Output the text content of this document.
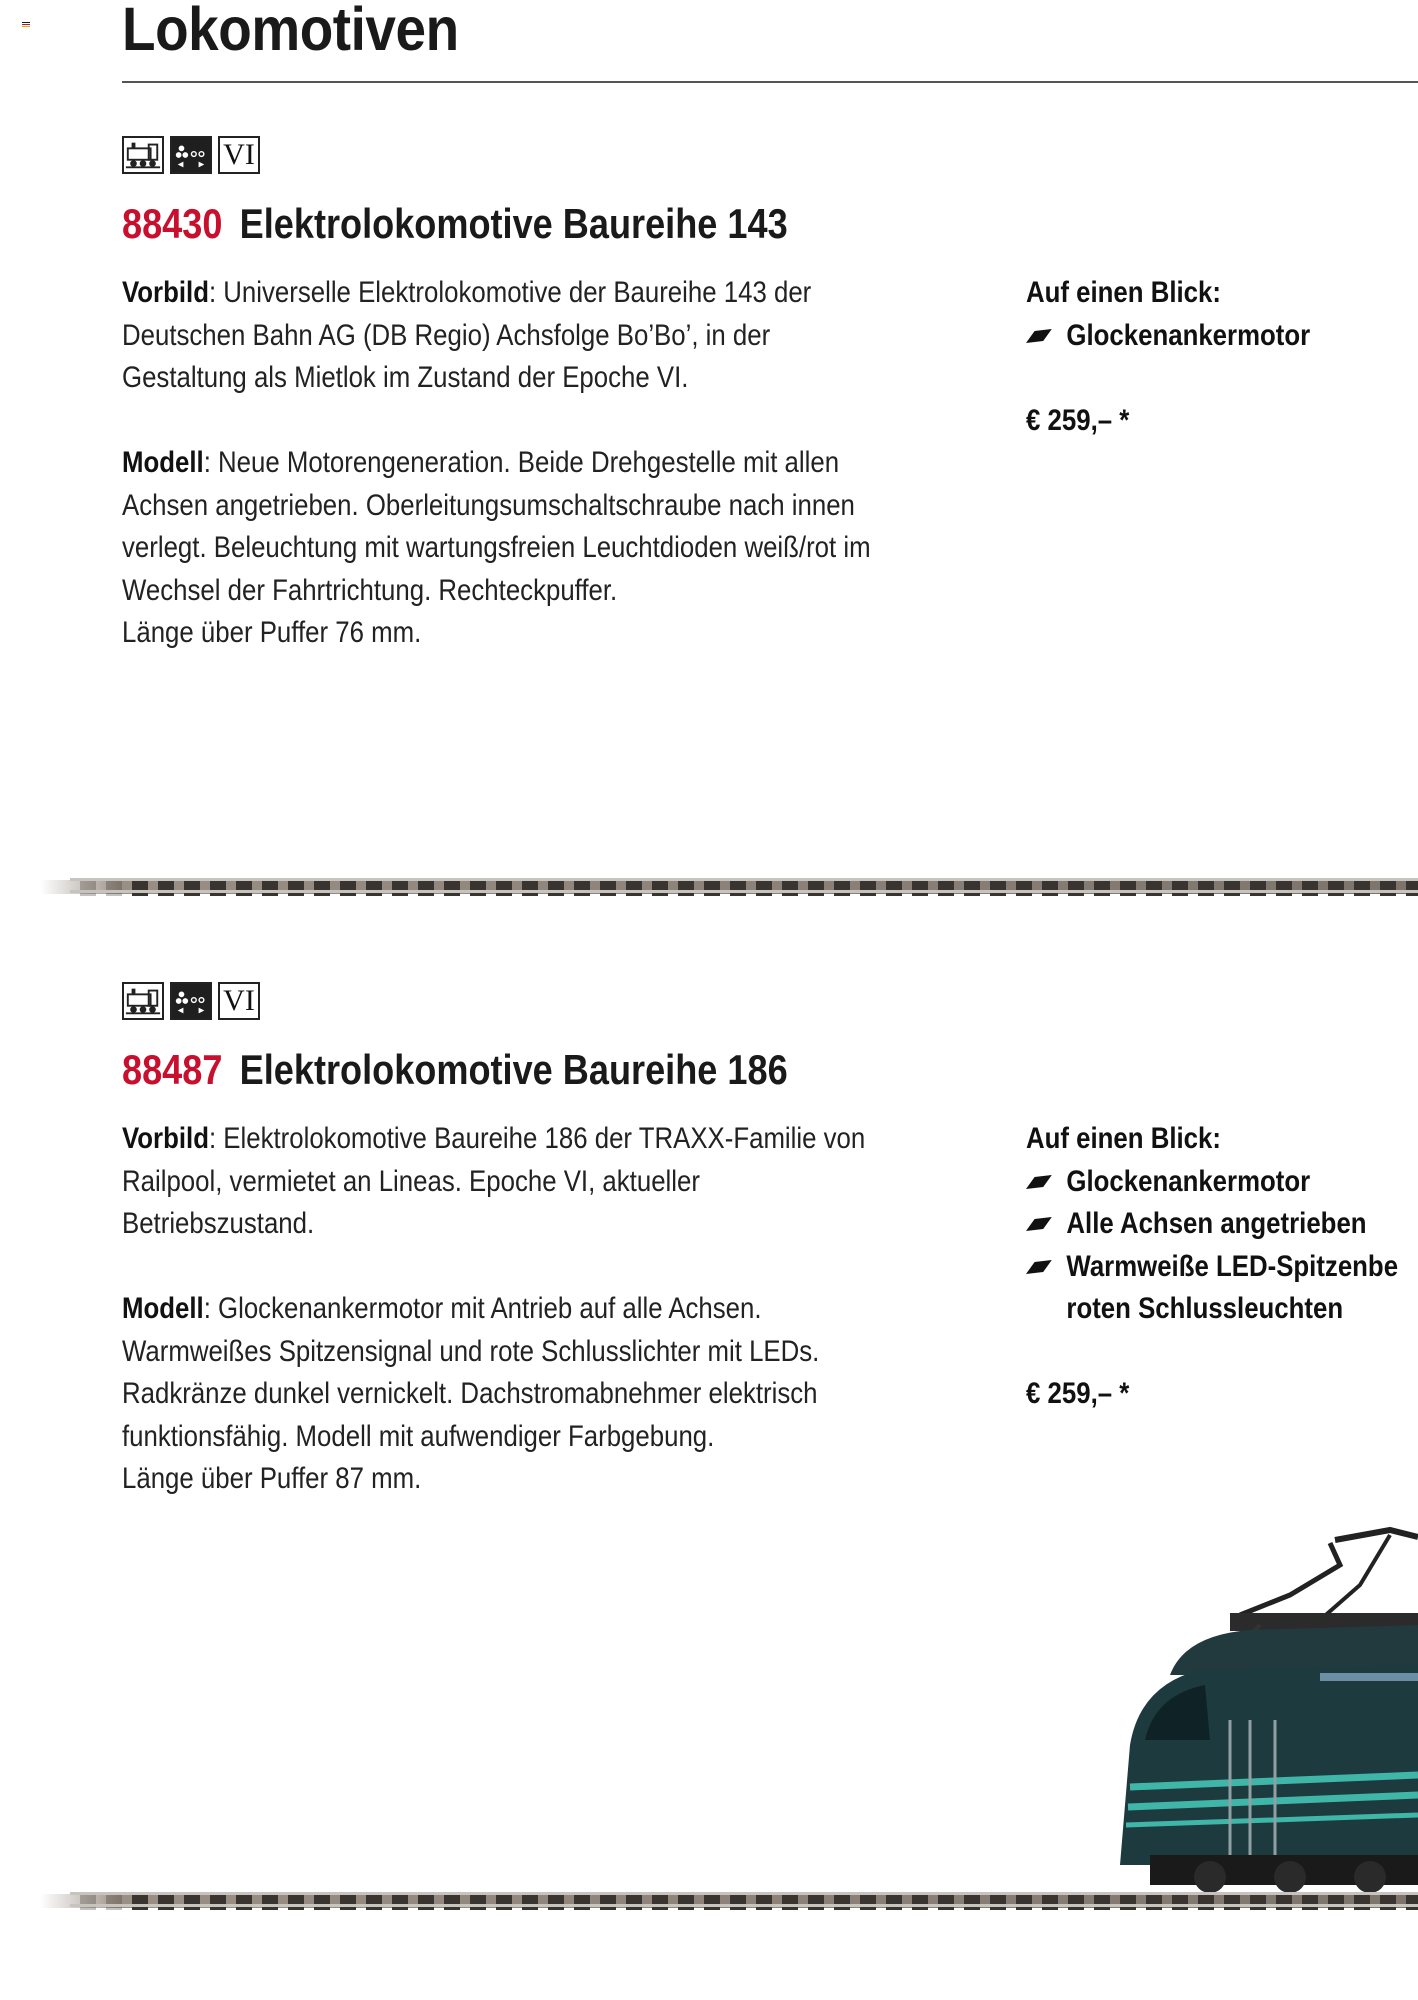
Lokomotiven
VI
88430 Elektrolokomotive Baureihe 143

Vorbild: Universelle Elektrolokomotive der Baureihe 143 der Deutschen Bahn AG (DB Regio) Achsfolge Bo’Bo’, in der Gestaltung als Mietlok im Zustand der Epoche VI.

Modell: Neue Motorengeneration. Beide Drehgestelle mit allen Achsen angetrieben. Oberleitungsumschaltschraube nach innen verlegt. Beleuchtung mit wartungsfreien Leuchtdioden weiß/rot im Wechsel der Fahrtrichtung. Rechteckpuffer.

Länge über Puffer 76 mm.

Auf einen Blick:

Glockenankermotor

€ 259,– *

VI
88487 Elektrolokomotive Baureihe 186

Vorbild: Elektrolokomotive Baureihe 186 der TRAXX-Familie von Railpool, vermietet an Lineas. Epoche VI, aktueller Betriebszustand.

Modell: Glockenankermotor mit Antrieb auf alle Achsen. Warmweißes Spitzensignal und rote Schlusslichter mit LEDs. Radkränze dunkel vernickelt. Dachstromabnehmer elektrisch funktionsfähig. Modell mit aufwendiger Farbgebung.

Länge über Puffer 87 mm.

Auf einen Blick:

Glockenankermotor
Alle Achsen angetrieben
Warmweiße LED-Spitzenbe
roten Schlussleuchten

€ 259,– *
